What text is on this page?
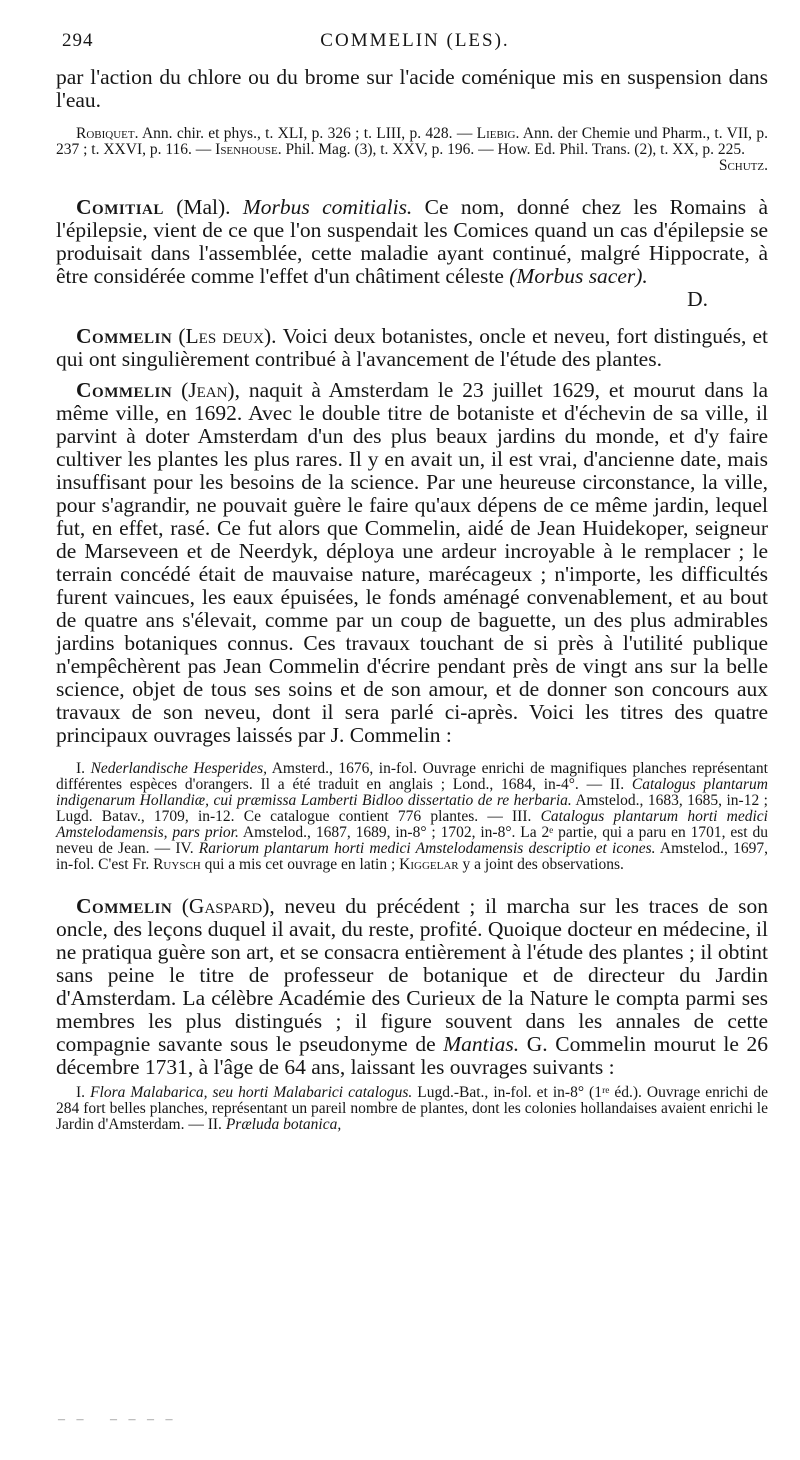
294	COMMELIN (LES).

par l'action du chlore ou du brome sur l'acide coménique mis en suspension dans l'eau.

Robiquet. Ann. chir. et phys., t. XLI, p. 326 ; t. LIII, p. 428. — Liebig. Ann. der Chemie und Pharm., t. VII, p. 237 ; t. XXVI, p. 116. — Isenhouse. Phil. Mag. (3), t. XXV, p. 196. — How. Ed. Phil. Trans. (2), t. XX, p. 225.

Schutz.

Comitial (Mal). Morbus comitialis. Ce nom, donné chez les Romains à l'épilepsie, vient de ce que l'on suspendait les Comices quand un cas d'épilepsie se produisait dans l'assemblée, cette maladie ayant continué, malgré Hippocrate, à être considérée comme l'effet d'un châtiment céleste (Morbus sacer).

D.

Commelin (Les deux). Voici deux botanistes, oncle et neveu, fort distingués, et qui ont singulièrement contribué à l'avancement de l'étude des plantes.

Commelin (Jean), naquit à Amsterdam le 23 juillet 1629, et mourut dans la même ville, en 1692. Avec le double titre de botaniste et d'échevin de sa ville, il parvint à doter Amsterdam d'un des plus beaux jardins du monde, et d'y faire cultiver les plantes les plus rares. Il y en avait un, il est vrai, d'ancienne date, mais insuffisant pour les besoins de la science. Par une heureuse circonstance, la ville, pour s'agrandir, ne pouvait guère le faire qu'aux dépens de ce même jardin, lequel fut, en effet, rasé. Ce fut alors que Commelin, aidé de Jean Huidekoper, seigneur de Marseveen et de Neerdyk, déploya une ardeur incroyable à le remplacer ; le terrain concédé était de mauvaise nature, marécageux ; n'importe, les difficultés furent vaincues, les eaux épuisées, le fonds aménagé convenablement, et au bout de quatre ans s'élevait, comme par un coup de baguette, un des plus admirables jardins botaniques connus. Ces travaux touchant de si près à l'utilité publique n'empêchèrent pas Jean Commelin d'écrire pendant près de vingt ans sur la belle science, objet de tous ses soins et de son amour, et de donner son concours aux travaux de son neveu, dont il sera parlé ci-après. Voici les titres des quatre principaux ouvrages laissés par J. Commelin :

I. Nederlandische Hesperides, Amsterd., 1676, in-fol. Ouvrage enrichi de magnifiques planches représentant différentes espèces d'orangers. Il a été traduit en anglais ; Lond., 1684, in-4°. — II. Catalogus plantarum indigenarum Hollandiæ, cui præmissa Lamberti Bidloo dissertatio de re herbaria. Amstelod., 1683, 1685, in-12 ; Lugd. Batav., 1709, in-12. Ce catalogue contient 776 plantes. — III. Catalogus plantarum horti medici Amstelodamensis, pars prior. Amstelod., 1687, 1689, in-8° ; 1702, in-8°. La 2ᵉ partie, qui a paru en 1701, est du neveu de Jean. — IV. Rariorum plantarum horti medici Amstelodamensis descriptio et icones. Amstelod., 1697, in-fol. C'est Fr. Ruysch qui a mis cet ouvrage en latin ; Kiggelar y a joint des observations.

Commelin (Gaspard), neveu du précédent ; il marcha sur les traces de son oncle, des leçons duquel il avait, du reste, profité. Quoique docteur en médecine, il ne pratiqua guère son art, et se consacra entièrement à l'étude des plantes ; il obtint sans peine le titre de professeur de botanique et de directeur du Jardin d'Amsterdam. La célèbre Académie des Curieux de la Nature le compta parmi ses membres les plus distingués ; il figure souvent dans les annales de cette compagnie savante sous le pseudonyme de Mantias. G. Commelin mourut le 26 décembre 1731, à l'âge de 64 ans, laissant les ouvrages suivants :

I. Flora Malabarica, seu horti Malabarici catalogus. Lugd.-Bat., in-fol. et in-8° (1ʳᵉ éd.). Ouvrage enrichi de 284 fort belles planches, représentant un pareil nombre de plantes, dont les colonies hollandaises avaient enrichi le Jardin d'Amsterdam. — II. Præluda botanica,

‒ ‒   ‒ ‒ ‒ ‒
